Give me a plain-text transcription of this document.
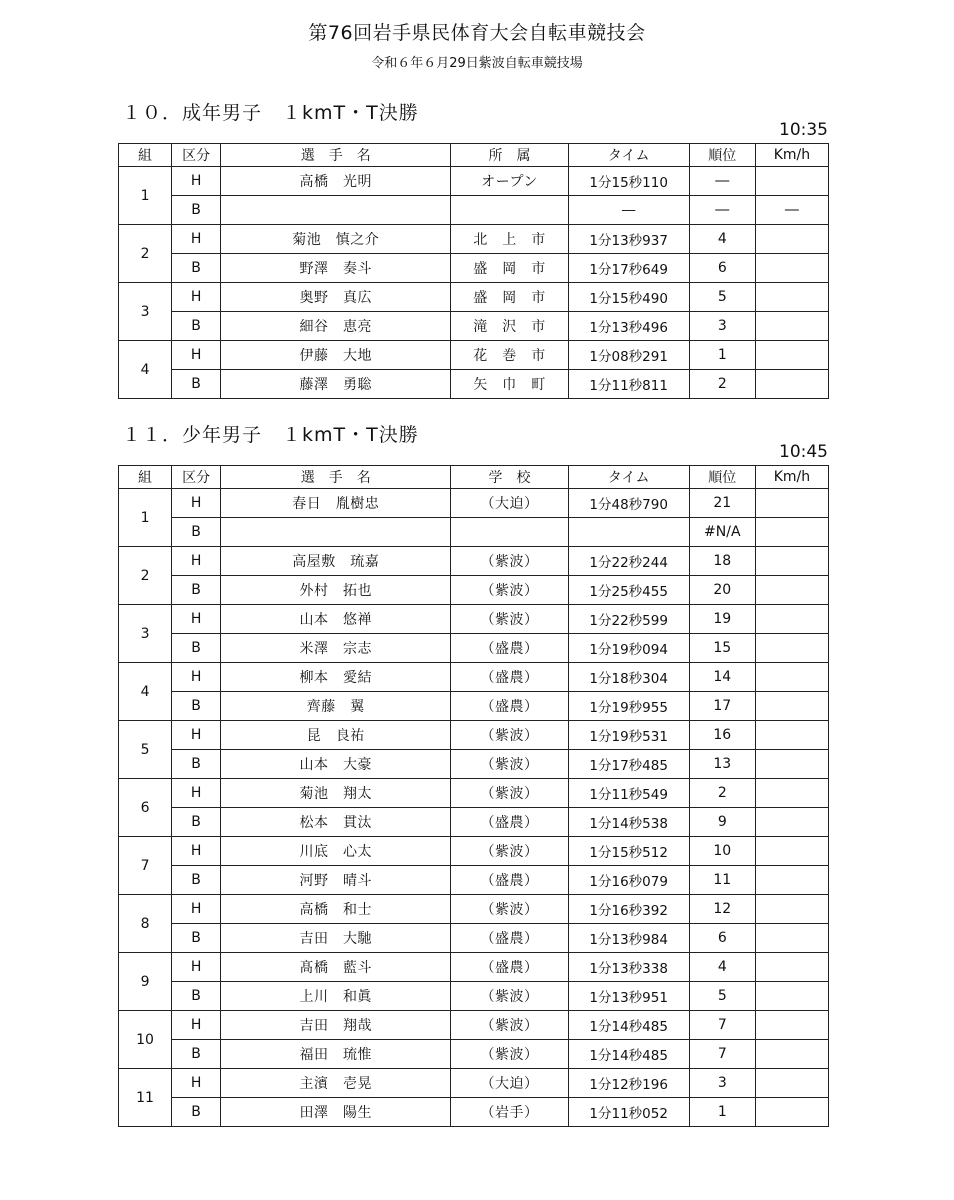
第76回岩手県民体育大会自転車競技会
令和６年６月29日紫波自転車競技場
１０．成年男子　１kmT・T決勝
10:35
組	区分	選　手　名	所　属	タイム	順位	Km/h
1	H	高橋　光明	オープン	1分15秒110	―	
	B			―	―	―
2	H	菊池　慎之介	北　上　市	1分13秒937	4	
	B	野澤　奏斗	盛　岡　市	1分17秒649	6	
3	H	奥野　真広	盛　岡　市	1分15秒490	5	
	B	細谷　恵亮	滝　沢　市	1分13秒496	3	
4	H	伊藤　大地	花　巻　市	1分08秒291	1	
	B	藤澤　勇聡	矢　巾　町	1分11秒811	2	
１１．少年男子　１kmT・T決勝
10:45
組	区分	選　手　名	学　校	タイム	順位	Km/h
1	H	春日　胤樹忠	（大迫）	1分48秒790	21	
	B				#N/A	
2	H	高屋敷　琉嘉	（紫波）	1分22秒244	18	
	B	外村　拓也	（紫波）	1分25秒455	20	
3	H	山本　悠禅	（紫波）	1分22秒599	19	
	B	米澤　宗志	（盛農）	1分19秒094	15	
4	H	柳本　愛結	（盛農）	1分18秒304	14	
	B	齊藤　翼	（盛農）	1分19秒955	17	
5	H	昆　良祐	（紫波）	1分19秒531	16	
	B	山本　大豪	（紫波）	1分17秒485	13	
6	H	菊池　翔太	（紫波）	1分11秒549	2	
	B	松本　貫汰	（盛農）	1分14秒538	9	
7	H	川底　心太	（紫波）	1分15秒512	10	
	B	河野　晴斗	（盛農）	1分16秒079	11	
8	H	高橋　和士	（紫波）	1分16秒392	12	
	B	吉田　大馳	（盛農）	1分13秒984	6	
9	H	髙橋　藍斗	（盛農）	1分13秒338	4	
	B	上川　和眞	（紫波）	1分13秒951	5	
10	H	吉田　翔哉	（紫波）	1分14秒485	7	
	B	福田　琉惟	（紫波）	1分14秒485	7	
11	H	主濱　壱晃	（大迫）	1分12秒196	3	
	B	田澤　陽生	（岩手）	1分11秒052	1	
